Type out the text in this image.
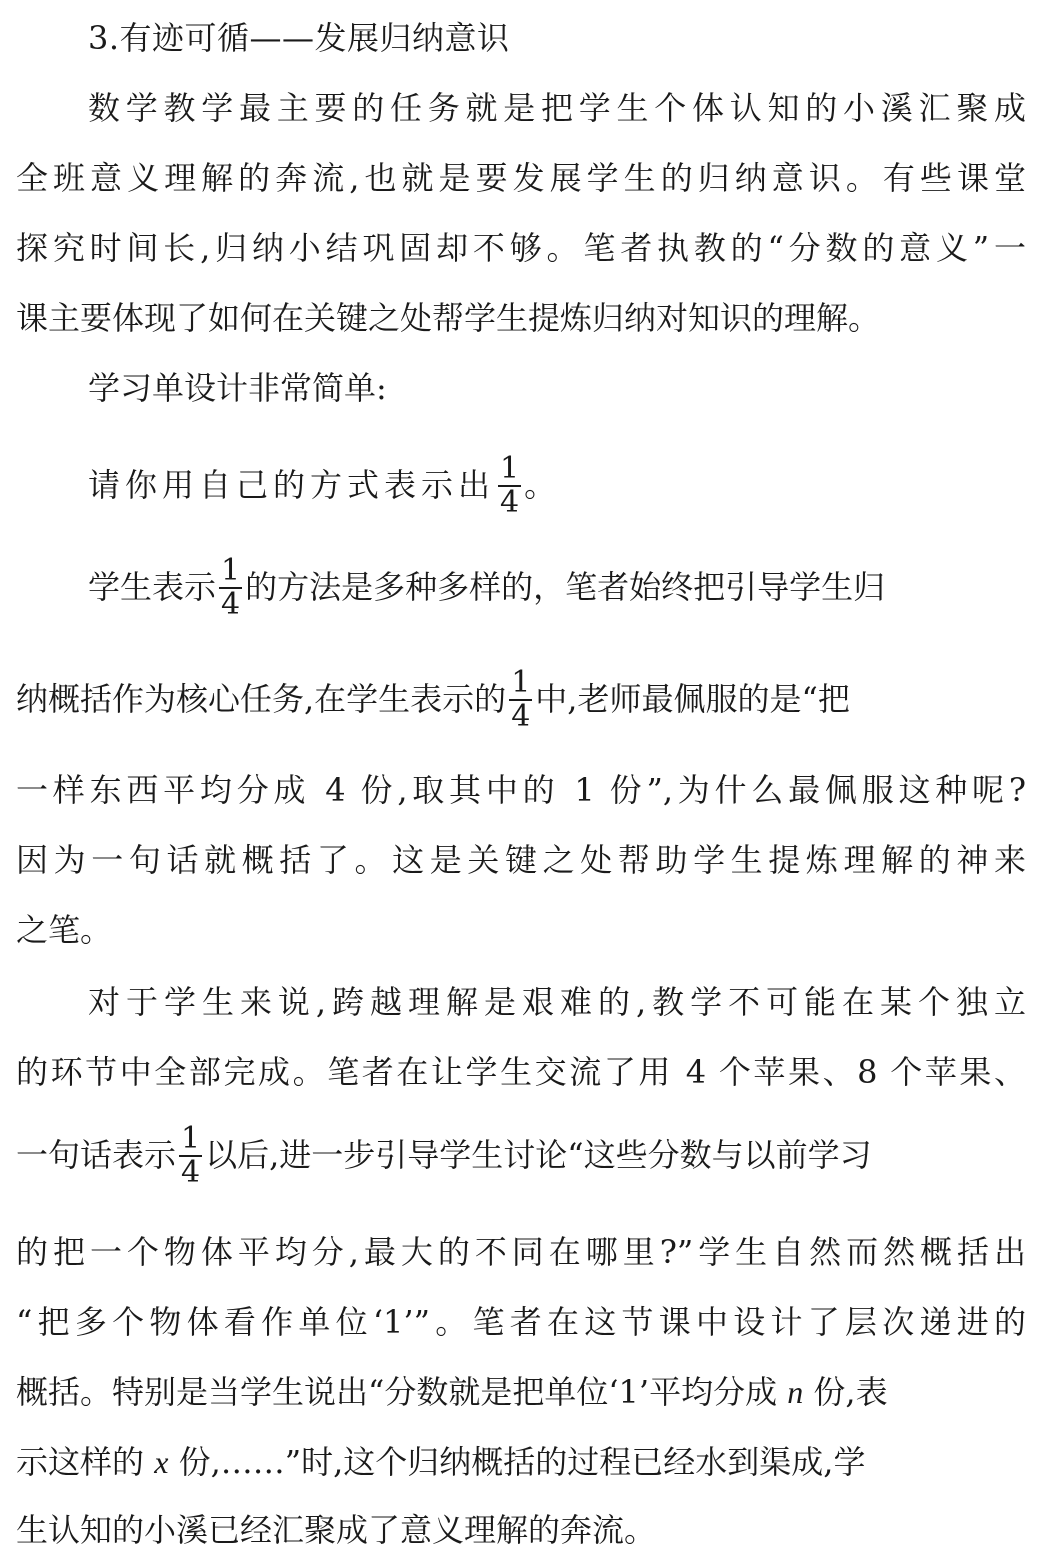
3.有迹可循——发展归纳意识
数学教学最主要的任务就是把学生个体认知的小溪汇聚成
全班意义理解的奔流,也就是要发展学生的归纳意识。有些课堂
探究时间长,归纳小结巩固却不够。笔者执教的“分数的意义”一
课主要体现了如何在关键之处帮学生提炼归纳对知识的理解。
学习单设计非常简单:
请你用自己的方式表示出 $\frac{1}{4}$ 。
学生表示 $\frac{1}{4}$ 的方法是多种多样的，笔者始终把引导学生归
纳概括作为核心任务,在学生表示的 $\frac{1}{4}$ 中,老师最佩服的是“把
一样东西平均分成 4 份,取其中的 1 份”,为什么最佩服这种呢?
因为一句话就概括了。这是关键之处帮助学生提炼理解的神来
之笔。
对于学生来说,跨越理解是艰难的,教学不可能在某个独立
的环节中全部完成。笔者在让学生交流了用 4 个苹果、8 个苹果、
一句话表示 $\frac{1}{4}$ 以后,进一步引导学生讨论“这些分数与以前学习
的把一个物体平均分,最大的不同在哪里?”学生自然而然概括出
“把多个物体看作单位‘1’”。笔者在这节课中设计了层次递进的
概括。特别是当学生说出“分数就是把单位‘1’平均分成 n 份,表
示这样的 x 份,……”时,这个归纳概括的过程已经水到渠成,学
生认知的小溪已经汇聚成了意义理解的奔流。
